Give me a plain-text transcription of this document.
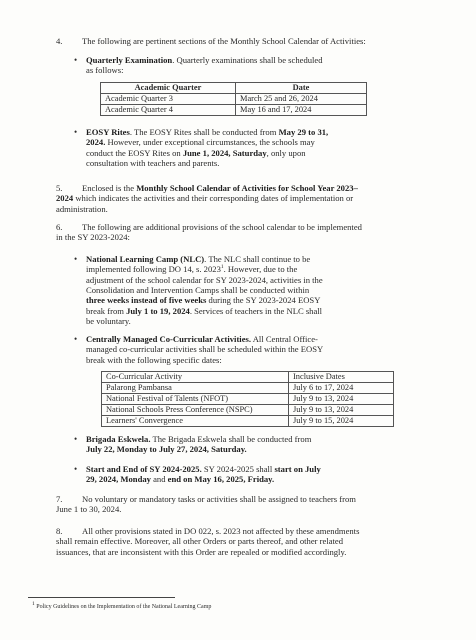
4. The following are pertinent sections of the Monthly School Calendar of Activities:
• Quarterly Examination. Quarterly examinations shall be scheduled
as follows:
Academic Quarter	Date
Academic Quarter 3	March 25 and 26, 2024
Academic Quarter 4	May 16 and 17, 2024
• EOSY Rites. The EOSY Rites shall be conducted from May 29 to 31,
2024. However, under exceptional circumstances, the schools may
conduct the EOSY Rites on June 1, 2024, Saturday, only upon
consultation with teachers and parents.
5. Enclosed is the Monthly School Calendar of Activities for School Year 2023–
2024 which indicates the activities and their corresponding dates of implementation or
administration.
6. The following are additional provisions of the school calendar to be implemented
in the SY 2023-2024:
• National Learning Camp (NLC). The NLC shall continue to be
implemented following DO 14, s. 2023$^1$. However, due to the
adjustment of the school calendar for SY 2023-2024, activities in the
Consolidation and Intervention Camps shall be conducted within
three weeks instead of five weeks during the SY 2023-2024 EOSY
break from July 1 to 19, 2024. Services of teachers in the NLC shall
be voluntary.
• Centrally Managed Co-Curricular Activities. All Central Office-
managed co-curricular activities shall be scheduled within the EOSY
break with the following specific dates:
Co-Curricular Activity	Inclusive Dates
Palarong Pambansa	July 6 to 17, 2024
National Festival of Talents (NFOT)	July 9 to 13, 2024
National Schools Press Conference (NSPC)	July 9 to 13, 2024
Learners' Convergence	July 9 to 15, 2024
• Brigada Eskwela. The Brigada Eskwela shall be conducted from
July 22, Monday to July 27, 2024, Saturday.
• Start and End of SY 2024-2025. SY 2024-2025 shall start on July
29, 2024, Monday and end on May 16, 2025, Friday.
7. No voluntary or mandatory tasks or activities shall be assigned to teachers from
June 1 to 30, 2024.
8. All other provisions stated in DO 022, s. 2023 not affected by these amendments
shall remain effective. Moreover, all other Orders or parts thereof, and other related
issuances, that are inconsistent with this Order are repealed or modified accordingly.
$^1$ Policy Guidelines on the Implementation of the National Learning Camp
